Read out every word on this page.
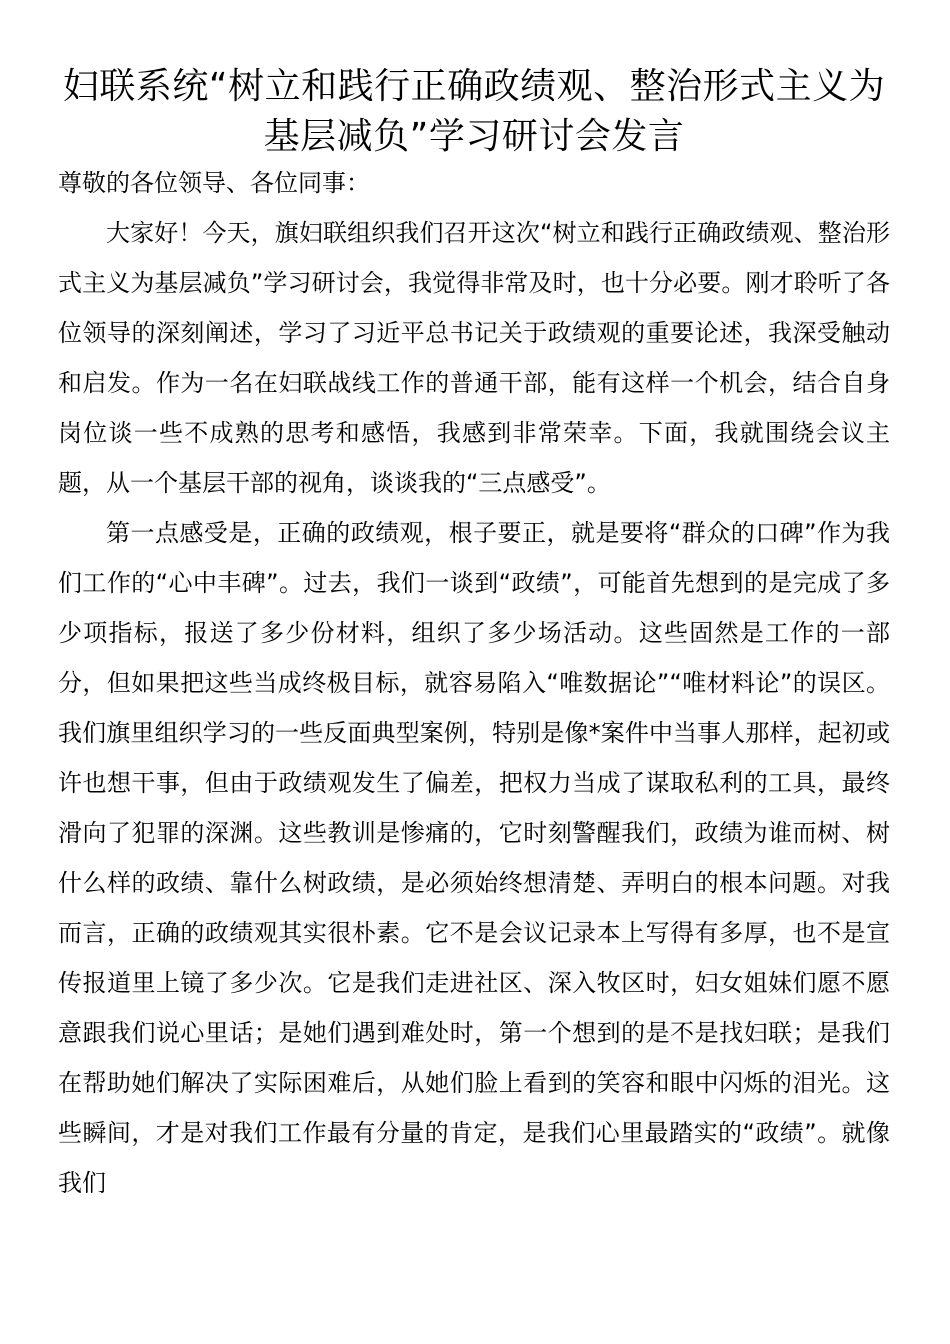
妇联系统“树立和践行正确政绩观、整治形式主义为
基层减负”学习研讨会发言

尊敬的各位领导、各位同事：

大家好！今天，旗妇联组织我们召开这次“树立和践行正确政绩观、整治形式主义为基层减负”学习研讨会，我觉得非常及时，也十分必要。刚才聆听了各位领导的深刻阐述，学习了习近平总书记关于政绩观的重要论述，我深受触动和启发。作为一名在妇联战线工作的普通干部，能有这样一个机会，结合自身岗位谈一些不成熟的思考和感悟，我感到非常荣幸。下面，我就围绕会议主题，从一个基层干部的视角，谈谈我的“三点感受”。

第一点感受是，正确的政绩观，根子要正，就是要将“群众的口碑”作为我们工作的“心中丰碑”。过去，我们一谈到“政绩”，可能首先想到的是完成了多少项指标，报送了多少份材料，组织了多少场活动。这些固然是工作的一部分，但如果把这些当成终极目标，就容易陷入“唯数据论”“唯材料论”的误区。我们旗里组织学习的一些反面典型案例，特别是像*案件中当事人那样，起初或许也想干事，但由于政绩观发生了偏差，把权力当成了谋取私利的工具，最终滑向了犯罪的深渊。这些教训是惨痛的，它时刻警醒我们，政绩为谁而树、树什么样的政绩、靠什么树政绩，是必须始终想清楚、弄明白的根本问题。对我而言，正确的政绩观其实很朴素。它不是会议记录本上写得有多厚，也不是宣传报道里上镜了多少次。它是我们走进社区、深入牧区时，妇女姐妹们愿不愿意跟我们说心里话；是她们遇到难处时，第一个想到的是不是找妇联；是我们在帮助她们解决了实际困难后，从她们脸上看到的笑容和眼中闪烁的泪光。这些瞬间，才是对我们工作最有分量的肯定，是我们心里最踏实的“政绩”。就像我们
